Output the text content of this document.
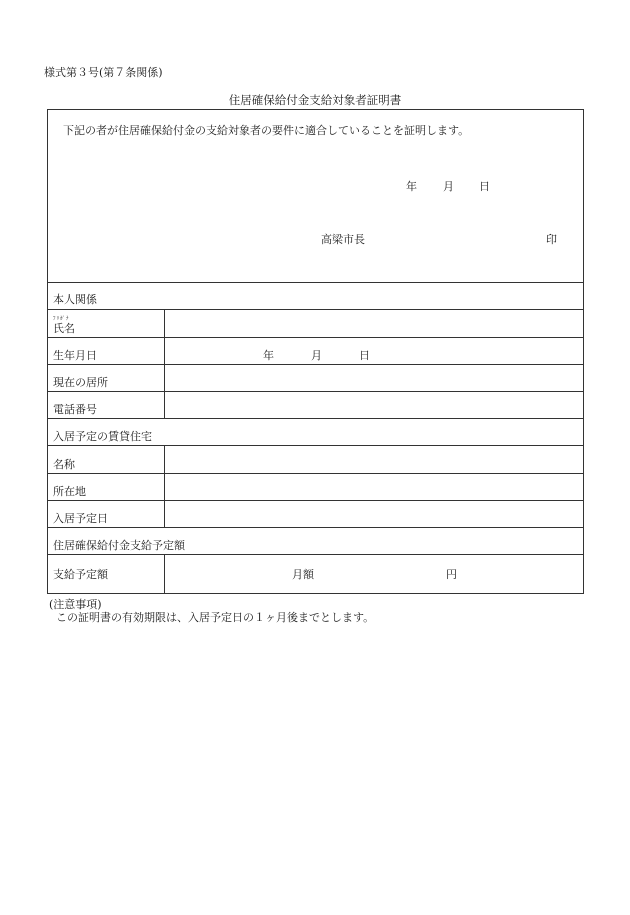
様式第３号(第７条関係)
住居確保給付金支給対象者証明書
下記の者が住居確保給付金の支給対象者の要件に適合していることを証明します。
年 月 日
高梁市長	印
本人関係
ﾌﾘｶﾞﾅ
氏名
生年月日	年	月	日
現在の居所
電話番号
入居予定の賃貸住宅
名称
所在地
入居予定日
住居確保給付金支給予定額
支給予定額	月額	円
(注意事項)
この証明書の有効期限は、入居予定日の１ヶ月後までとします。
